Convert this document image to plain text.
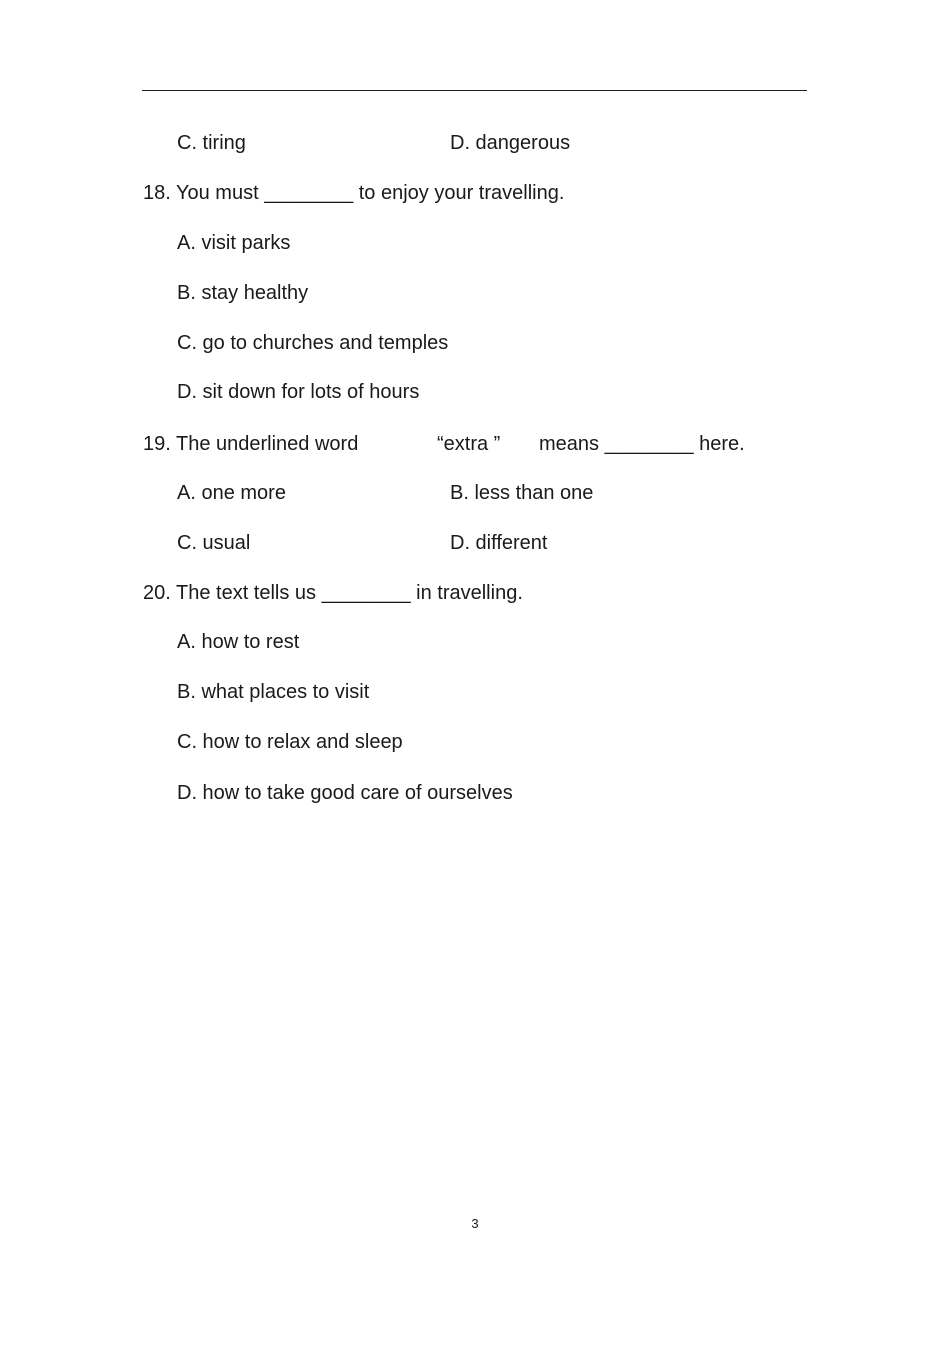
C. tiring	D. dangerous
18. You must ________ to enjoy your travelling.
A. visit parks
B. stay healthy
C. go to churches and temples
D. sit down for lots of hours
19. The underlined word	“extra ” means ________ here.
A. one more	B. less than one
C. usual	D. different
20. The text tells us ________ in travelling.
A. how to rest
B. what places to visit
C. how to relax and sleep
D. how to take good care of ourselves
3
